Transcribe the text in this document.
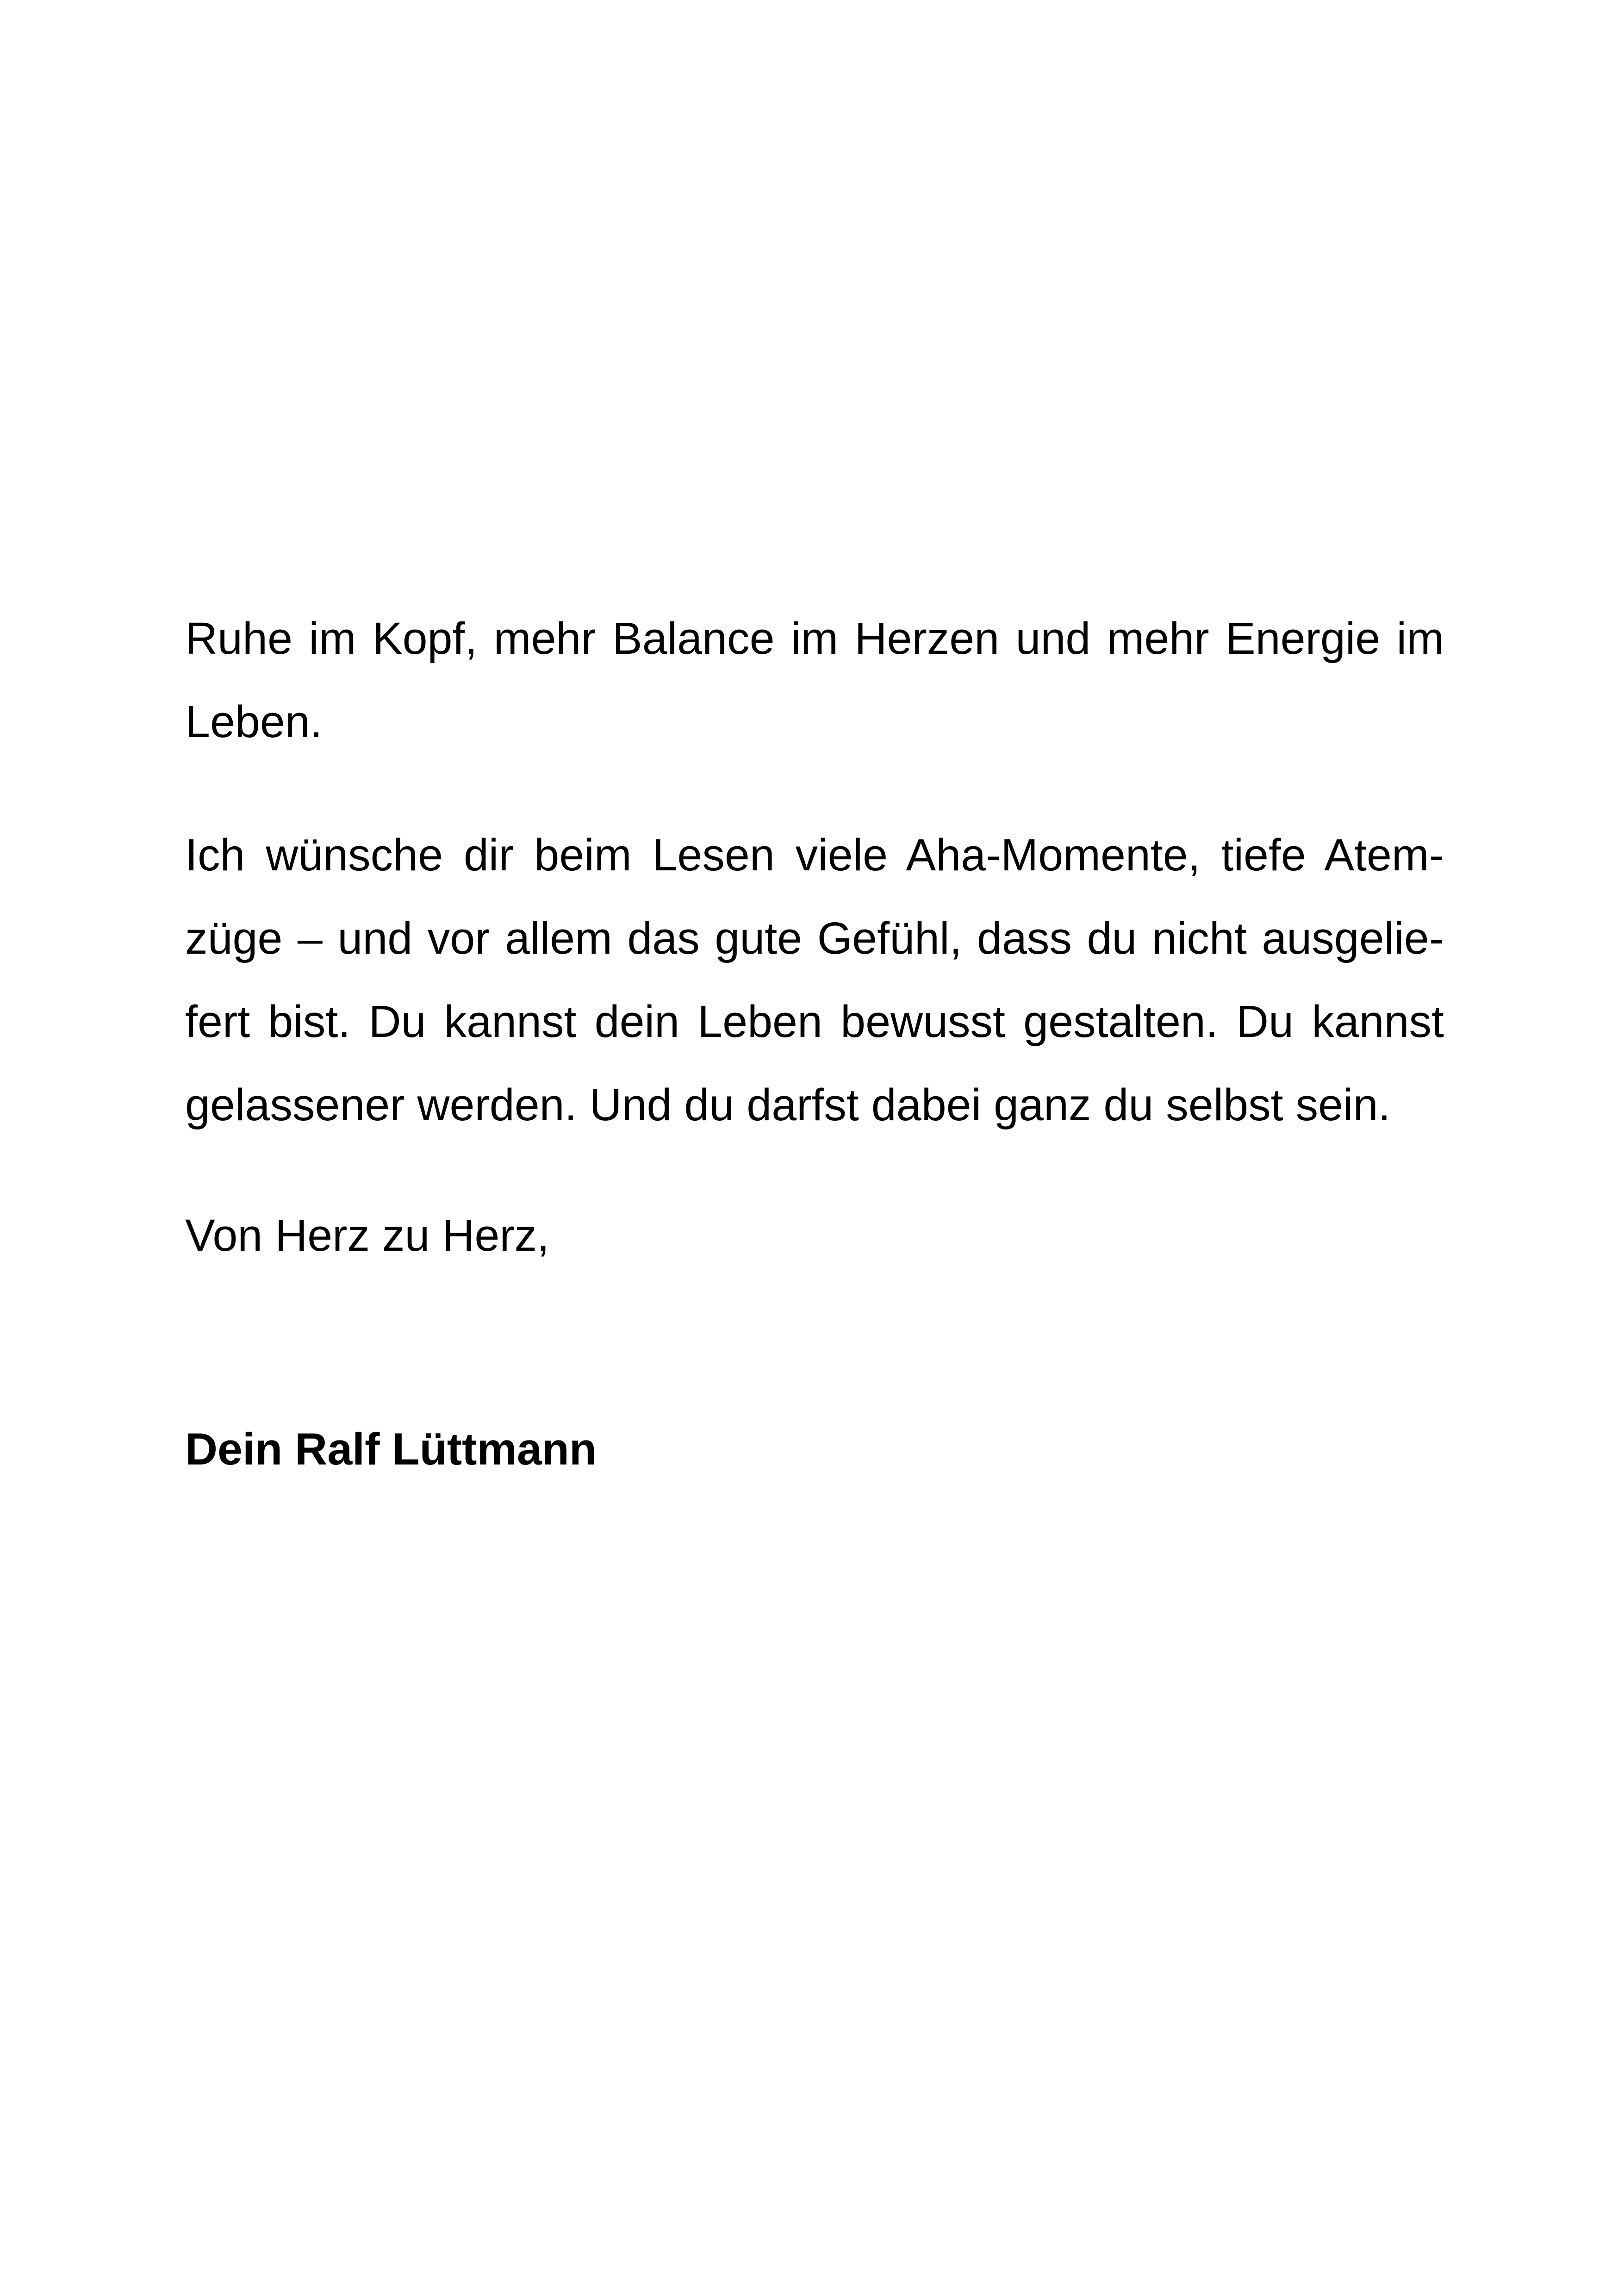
Ruhe im Kopf, mehr Balance im Herzen und mehr Energie im
Leben.
Ich wünsche dir beim Lesen viele Aha-Momente, tiefe Atem-
züge – und vor allem das gute Gefühl, dass du nicht ausgelie-
fert bist. Du kannst dein Leben bewusst gestalten. Du kannst
gelassener werden. Und du darfst dabei ganz du selbst sein.
Von Herz zu Herz,
Dein Ralf Lüttmann
